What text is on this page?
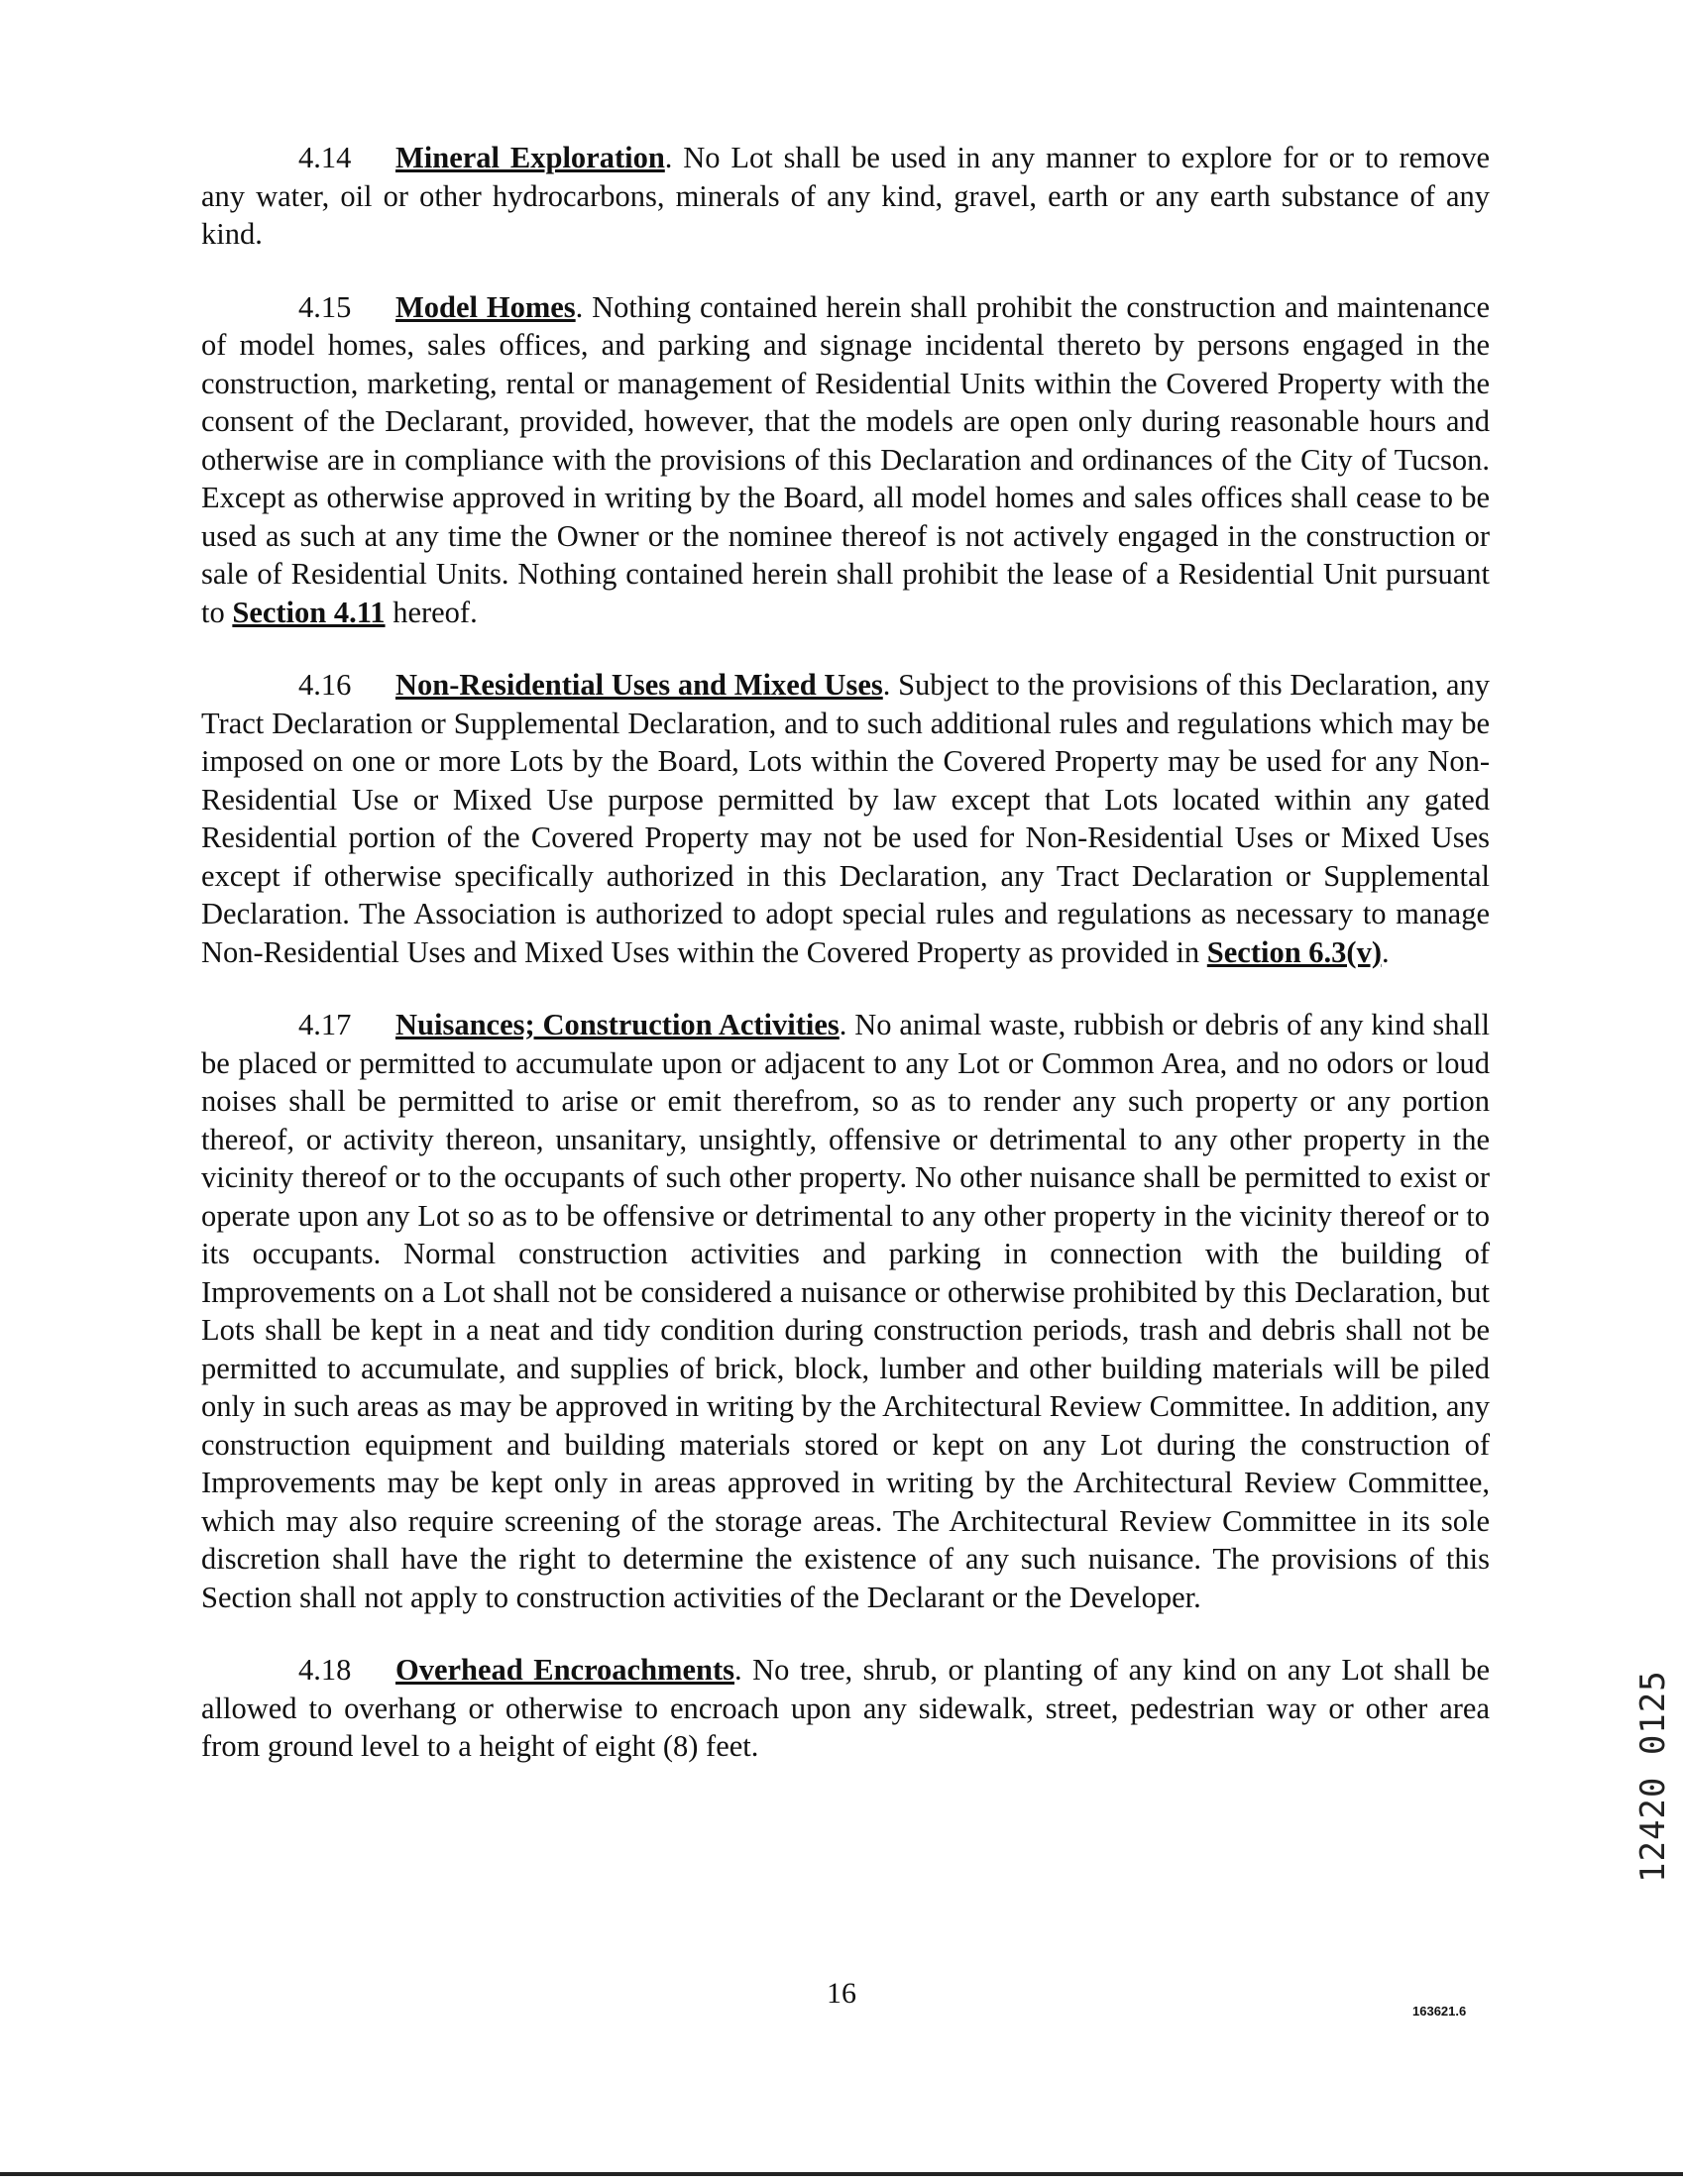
4.14 Mineral Exploration. No Lot shall be used in any manner to explore for or to remove any water, oil or other hydrocarbons, minerals of any kind, gravel, earth or any earth substance of any kind.

4.15 Model Homes. Nothing contained herein shall prohibit the construction and maintenance of model homes, sales offices, and parking and signage incidental thereto by persons engaged in the construction, marketing, rental or management of Residential Units within the Covered Property with the consent of the Declarant, provided, however, that the models are open only during reasonable hours and otherwise are in compliance with the provisions of this Declaration and ordinances of the City of Tucson. Except as otherwise approved in writing by the Board, all model homes and sales offices shall cease to be used as such at any time the Owner or the nominee thereof is not actively engaged in the construction or sale of Residential Units. Nothing contained herein shall prohibit the lease of a Residential Unit pursuant to Section 4.11 hereof.

4.16 Non-Residential Uses and Mixed Uses. Subject to the provisions of this Declaration, any Tract Declaration or Supplemental Declaration, and to such additional rules and regulations which may be imposed on one or more Lots by the Board, Lots within the Covered Property may be used for any Non-Residential Use or Mixed Use purpose permitted by law except that Lots located within any gated Residential portion of the Covered Property may not be used for Non-Residential Uses or Mixed Uses except if otherwise specifically authorized in this Declaration, any Tract Declaration or Supplemental Declaration. The Association is authorized to adopt special rules and regulations as necessary to manage Non-Residential Uses and Mixed Uses within the Covered Property as provided in Section 6.3(v).

4.17 Nuisances; Construction Activities. No animal waste, rubbish or debris of any kind shall be placed or permitted to accumulate upon or adjacent to any Lot or Common Area, and no odors or loud noises shall be permitted to arise or emit therefrom, so as to render any such property or any portion thereof, or activity thereon, unsanitary, unsightly, offensive or detrimental to any other property in the vicinity thereof or to the occupants of such other property. No other nuisance shall be permitted to exist or operate upon any Lot so as to be offensive or detrimental to any other property in the vicinity thereof or to its occupants. Normal construction activities and parking in connection with the building of Improvements on a Lot shall not be considered a nuisance or otherwise prohibited by this Declaration, but Lots shall be kept in a neat and tidy condition during construction periods, trash and debris shall not be permitted to accumulate, and supplies of brick, block, lumber and other building materials will be piled only in such areas as may be approved in writing by the Architectural Review Committee. In addition, any construction equipment and building materials stored or kept on any Lot during the construction of Improvements may be kept only in areas approved in writing by the Architectural Review Committee, which may also require screening of the storage areas. The Architectural Review Committee in its sole discretion shall have the right to determine the existence of any such nuisance. The provisions of this Section shall not apply to construction activities of the Declarant or the Developer.

4.18 Overhead Encroachments. No tree, shrub, or planting of any kind on any Lot shall be allowed to overhang or otherwise to encroach upon any sidewalk, street, pedestrian way or other area from ground level to a height of eight (8) feet.	12420 0125
16
163621.6
